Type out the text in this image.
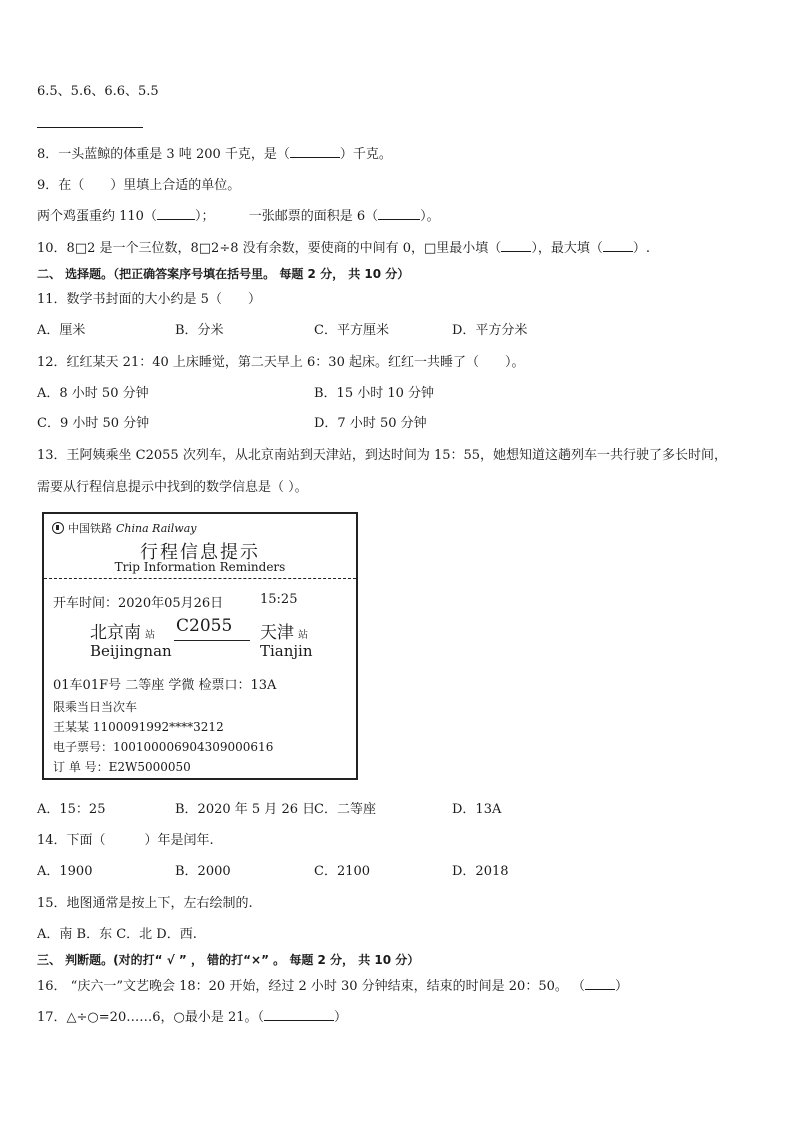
6.5、5.6、6.6、5.5
8．一头蓝鲸的体重是 3 吨 200 千克，是（	）千克。
9．在（　　）里填上合适的单位。
两个鸡蛋重约 110（	）；	一张邮票的面积是 6（	）。
10．8□2 是一个三位数，8□2÷8 没有余数，要使商的中间有 0，□里最小填（ ），最大填（ ）.
二、 选择题。（把正确答案序号填在括号里。 每题 2 分， 共 10 分）
11．数学书封面的大小约是 5（　　）
A．厘米	B．分米	C．平方厘米	D．平方分米
12．红红某天 21：40 上床睡觉，第二天早上 6：30 起床。红红一共睡了（　　）。
A．8 小时 50 分钟	B．15 小时 10 分钟
C．9 小时 50 分钟	D．7 小时 50 分钟
13．王阿姨乘坐 C2055 次列车，从北京南站到天津站，到达时间为 15：55，她想知道这趟列车一共行驶了多长时间，
需要从行程信息提示中找到的数学信息是（ ）。
中国铁路 China Railway
行程信息提示
Trip Information Reminders
开车时间：2020年05月26日	15:25
北京南 站 C2055 天津 站
Beijingnan	Tianjin
01车01F号 二等座 学微 检票口：13A
限乘当日当次车
王某某 1100091992****3212
电子票号：10010000690430900061​6
订 单 号：E2W5000050
A．15：25	B．2020 年 5 月 26 日
C．二等座	D．13A
14．下面（　　　）年是闰年.
A．1900	B．2000	C．2100	D．2018
15．地图通常是按上下，左右绘制的.
A．南 B．东 C．北 D．西.
三、 判断题。(对的打“ √ ” ， 错的打“×” 。 每题 2 分， 共 10 分）
16． “庆六一”文艺晚会 18：20 开始，经过 2 小时 30 分钟结束，结束的时间是 20：50。 （ ）
17．△÷○=20……6，○最小是 21。（	）
